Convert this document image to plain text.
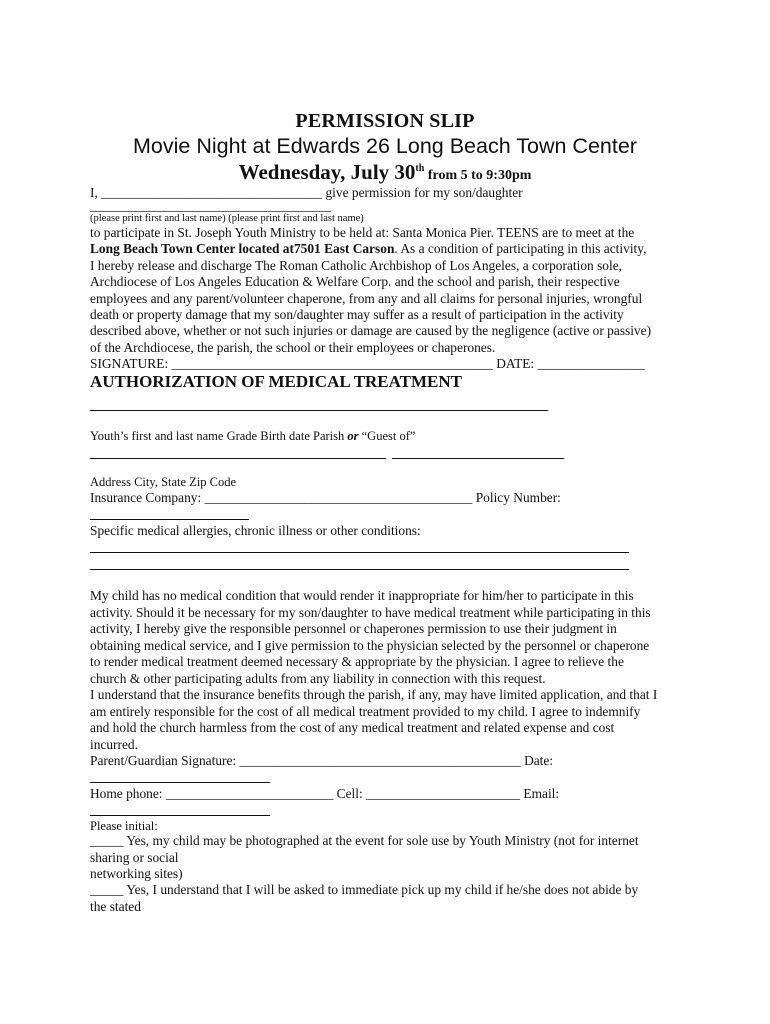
PERMISSION SLIP
Movie Night at Edwards 26 Long Beach Town Center
Wednesday, July 30th from 5 to 9:30pm
I, _________________________________ give permission for my son/daughter
____________________________________
(please print first and last name) (please print first and last name)
to participate in St. Joseph Youth Ministry to be held at: Santa Monica Pier. TEENS are to meet at the
Long Beach Town Center located at7501 East Carson. As a condition of participating in this activity,
I hereby release and discharge The Roman Catholic Archbishop of Los Angeles, a corporation sole,
Archdiocese of Los Angeles Education & Welfare Corp. and the school and parish, their respective
employees and any parent/volunteer chaperone, from any and all claims for personal injuries, wrongful
death or property damage that my son/daughter may suffer as a result of participation in the activity
described above, whether or not such injuries or damage are caused by the negligence (active or passive)
of the Archdiocese, the parish, the school or their employees or chaperones.
SIGNATURE: ________________________________________________ DATE: ________________
AUTHORIZATION OF MEDICAL TREATMENT
Youth’s first and last name Grade Birth date Parish or “Guest of”
Address City, State Zip Code
Insurance Company: ________________________________________ Policy Number:
Specific medical allergies, chronic illness or other conditions:
My child has no medical condition that would render it inappropriate for him/her to participate in this
activity. Should it be necessary for my son/daughter to have medical treatment while participating in this
activity, I hereby give the responsible personnel or chaperones permission to use their judgment in
obtaining medical service, and I give permission to the physician selected by the personnel or chaperone
to render medical treatment deemed necessary & appropriate by the physician. I agree to relieve the
church & other participating adults from any liability in connection with this request.
I understand that the insurance benefits through the parish, if any, may have limited application, and that I
am entirely responsible for the cost of all medical treatment provided to my child. I agree to indemnify
and hold the church harmless from the cost of any medical treatment and related expense and cost
incurred.
Parent/Guardian Signature: __________________________________________ Date:
Home phone: _________________________ Cell: _______________________ Email:
Please initial:
_____ Yes, my child may be photographed at the event for sole use by Youth Ministry (not for internet
sharing or social
networking sites)
_____ Yes, I understand that I will be asked to immediate pick up my child if he/she does not abide by
the stated
